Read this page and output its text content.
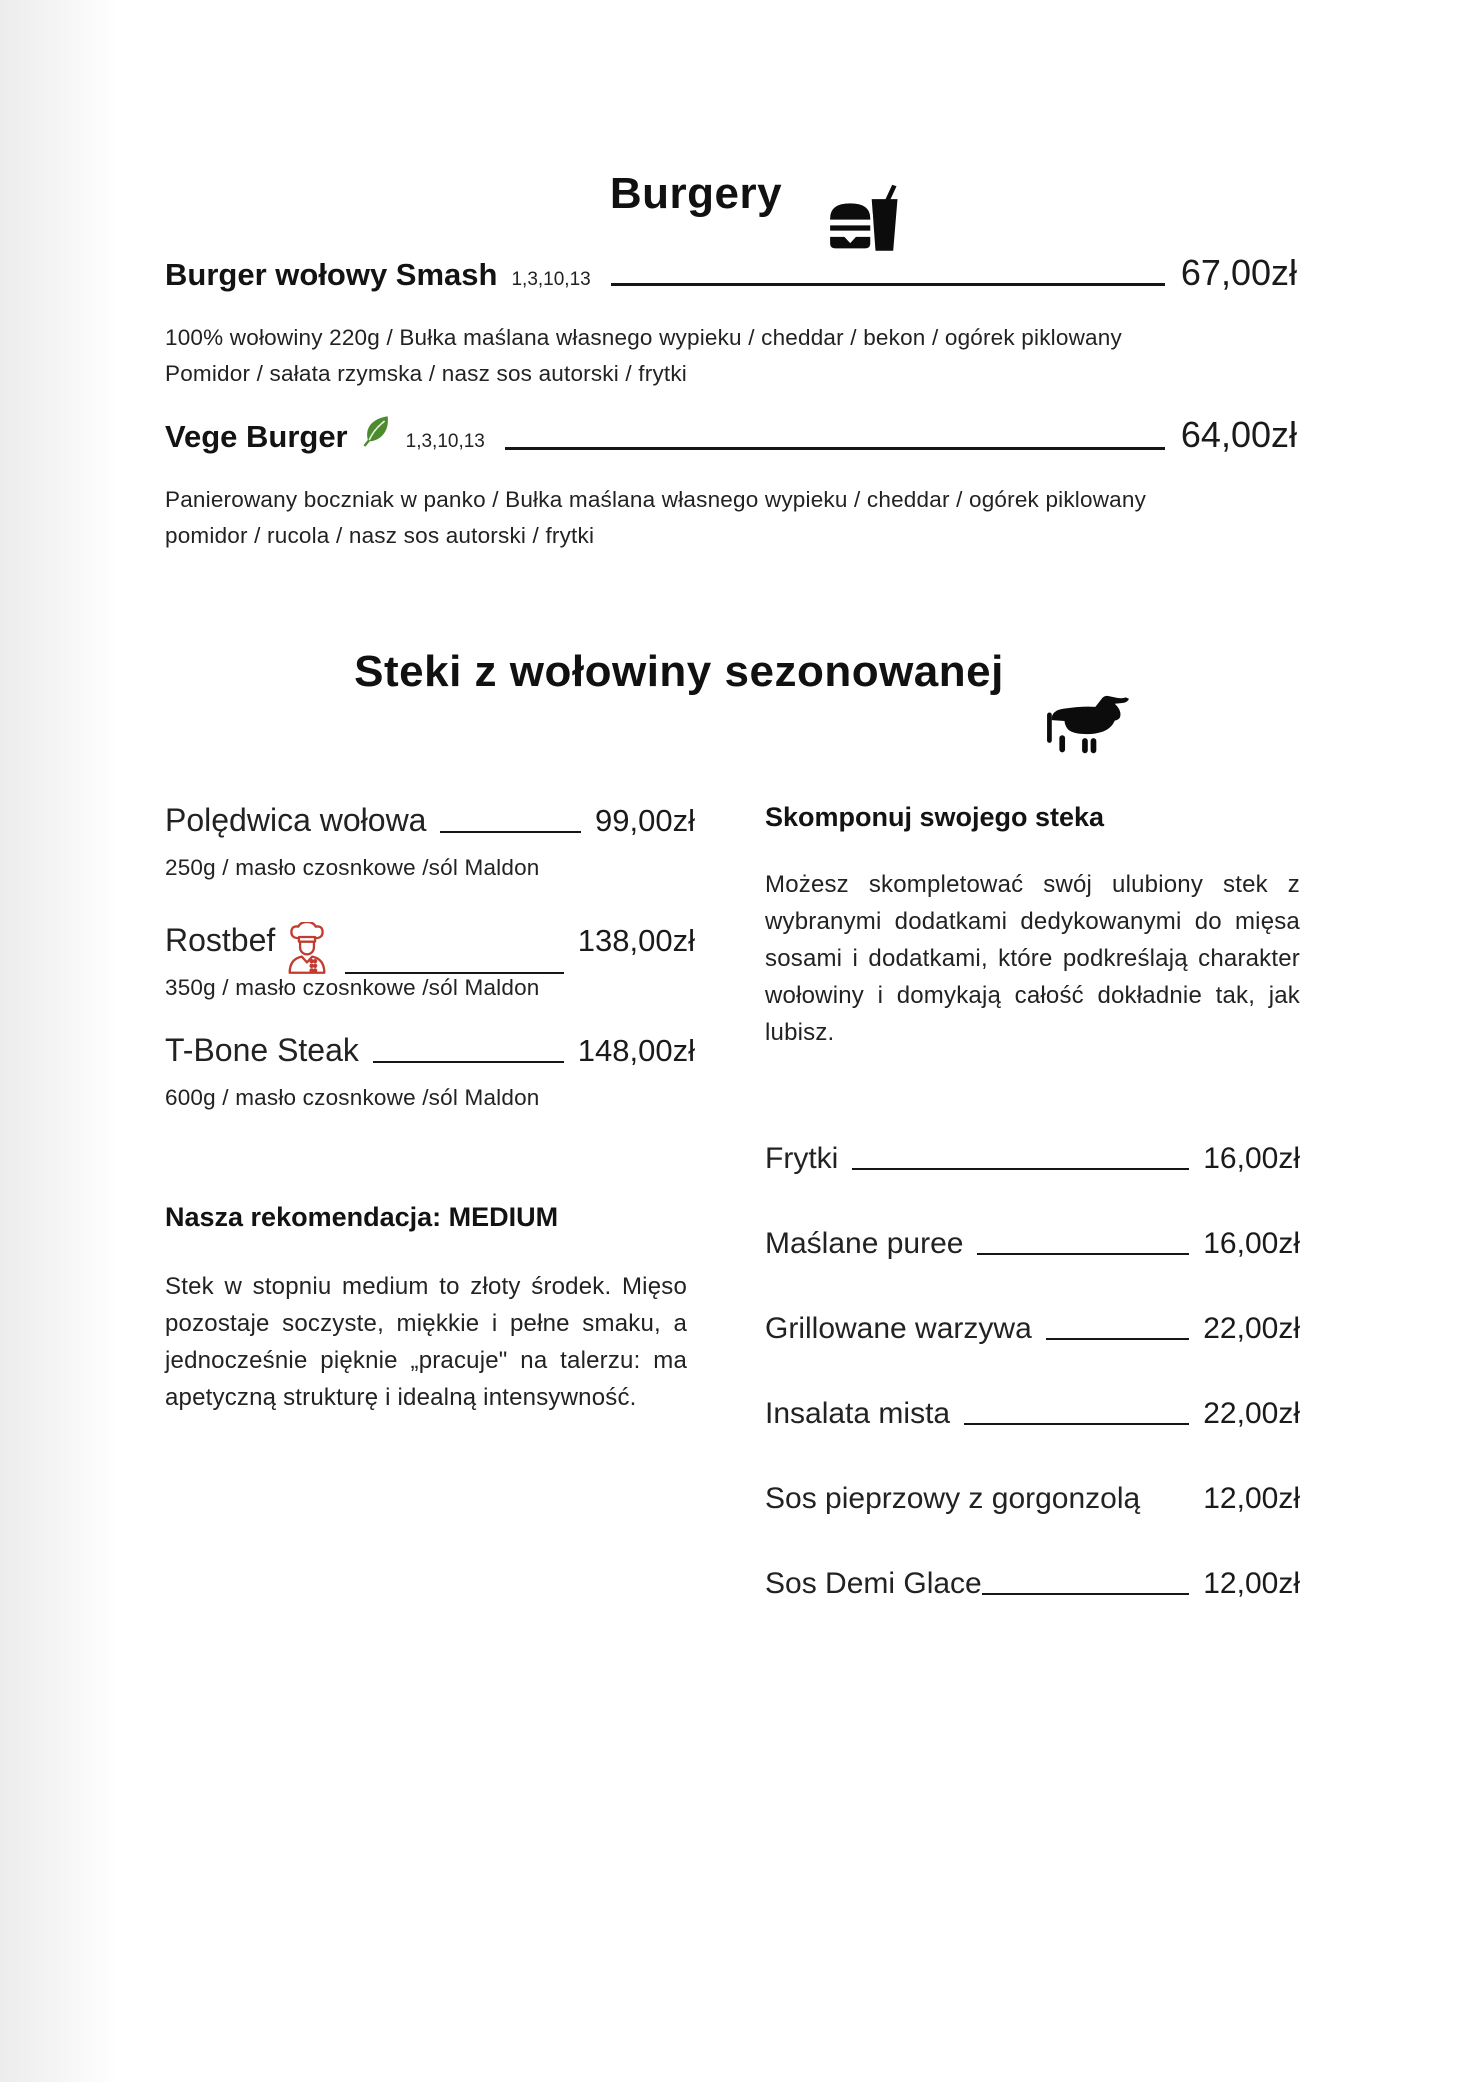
Burgery
Burger wołowy Smash 1,3,10,13	67,00zł
100% wołowiny 220g / Bułka maślana własnego wypieku / cheddar / bekon / ogórek piklowany
Pomidor / sałata rzymska / nasz sos autorski / frytki
Vege Burger	1,3,10,13	64,00zł
Panierowany boczniak w panko / Bułka maślana własnego wypieku / cheddar / ogórek piklowany
pomidor / rucola / nasz sos autorski / frytki
Steki z wołowiny sezonowanej
Polędwica wołowa	99,00zł
250g / masło czosnkowe /sól Maldon
Rostbef	138,00zł
350g / masło czosnkowe /sól Maldon
T-Bone Steak	148,00zł
600g / masło czosnkowe /sól Maldon
Nasza rekomendacja: MEDIUM
Stek w stopniu medium to złoty środek. Mięso pozostaje soczyste, miękkie i pełne smaku, a jednocześnie pięknie „pracuje" na talerzu: ma apetyczną strukturę i idealną intensywność.
Skomponuj swojego steka
Możesz skompletować swój ulubiony stek z wybranymi dodatkami dedykowanymi do mięsa sosami i dodatkami, które podkreślają charakter wołowiny i domykają całość dokładnie tak, jak lubisz.
Frytki	16,00zł
Maślane puree	16,00zł
Grillowane warzywa	22,00zł
Insalata mista	22,00zł
Sos pieprzowy z gorgonzolą 12,00zł
Sos Demi Glace	12,00zł
